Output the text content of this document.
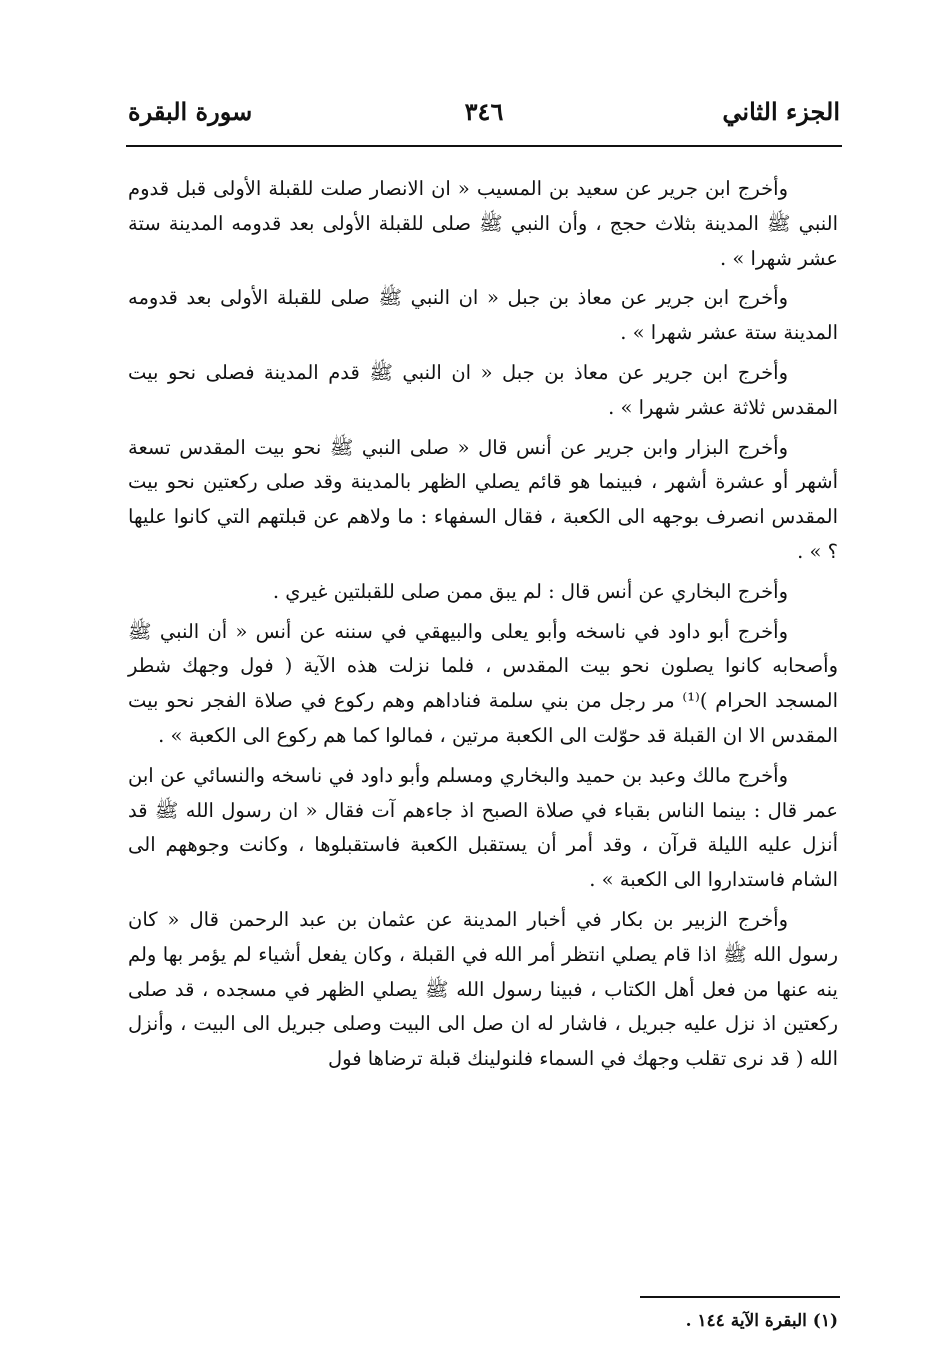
الجزء الثاني
٣٤٦
سورة البقرة

وأخرج ابن جرير عن سعيد بن المسيب « ان الانصار صلت للقبلة الأولى قبل قدوم النبي ﷺ المدينة بثلاث حجج ، وأن النبي ﷺ صلى للقبلة الأولى بعد قدومه المدينة ستة عشر شهرا » .

وأخرج ابن جرير عن معاذ بن جبل « ان النبي ﷺ صلى للقبلة الأولى بعد قدومه المدينة ستة عشر شهرا » .

وأخرج ابن جرير عن معاذ بن جبل « ان النبي ﷺ قدم المدينة فصلى نحو بيت المقدس ثلاثة عشر شهرا » .

وأخرج البزار وابن جرير عن أنس قال « صلى النبي ﷺ نحو بيت المقدس تسعة أشهر أو عشرة أشهر ، فبينما هو قائم يصلي الظهر بالمدينة وقد صلى ركعتين نحو بيت المقدس انصرف بوجهه الى الكعبة ، فقال السفهاء : ما ولاهم عن قبلتهم التي كانوا عليها ؟ » .

وأخرج البخاري عن أنس قال : لم يبق ممن صلى للقبلتين غيري .

وأخرج أبو داود في ناسخه وأبو يعلى والبيهقي في سننه عن أنس « أن النبي ﷺ وأصحابه كانوا يصلون نحو بيت المقدس ، فلما نزلت هذه الآية ( فول وجهك شطر المسجد الحرام )⁽¹⁾ مر رجل من بني سلمة فناداهم وهم ركوع في صلاة الفجر نحو بيت المقدس الا ان القبلة قد حوّلت الى الكعبة مرتين ، فمالوا كما هم ركوع الى الكعبة » .

وأخرج مالك وعبد بن حميد والبخاري ومسلم وأبو داود في ناسخه والنسائي عن ابن عمر قال : بينما الناس بقباء في صلاة الصبح اذ جاءهم آت فقال « ان رسول الله ﷺ قد أنزل عليه الليلة قرآن ، وقد أمر أن يستقبل الكعبة فاستقبلوها ، وكانت وجوههم الى الشام فاستداروا الى الكعبة » .

وأخرج الزبير بن بكار في أخبار المدينة عن عثمان بن عبد الرحمن قال « كان رسول الله ﷺ اذا قام يصلي انتظر أمر الله في القبلة ، وكان يفعل أشياء لم يؤمر بها ولم ينه عنها من فعل أهل الكتاب ، فبينا رسول الله ﷺ يصلي الظهر في مسجده ، قد صلى ركعتين اذ نزل عليه جبريل ، فاشار له ان صل الى البيت وصلى جبريل الى البيت ، وأنزل الله ( قد نرى تقلب وجهك في السماء فلنولينك قبلة ترضاها فول

(١) البقرة الآية ١٤٤ .
